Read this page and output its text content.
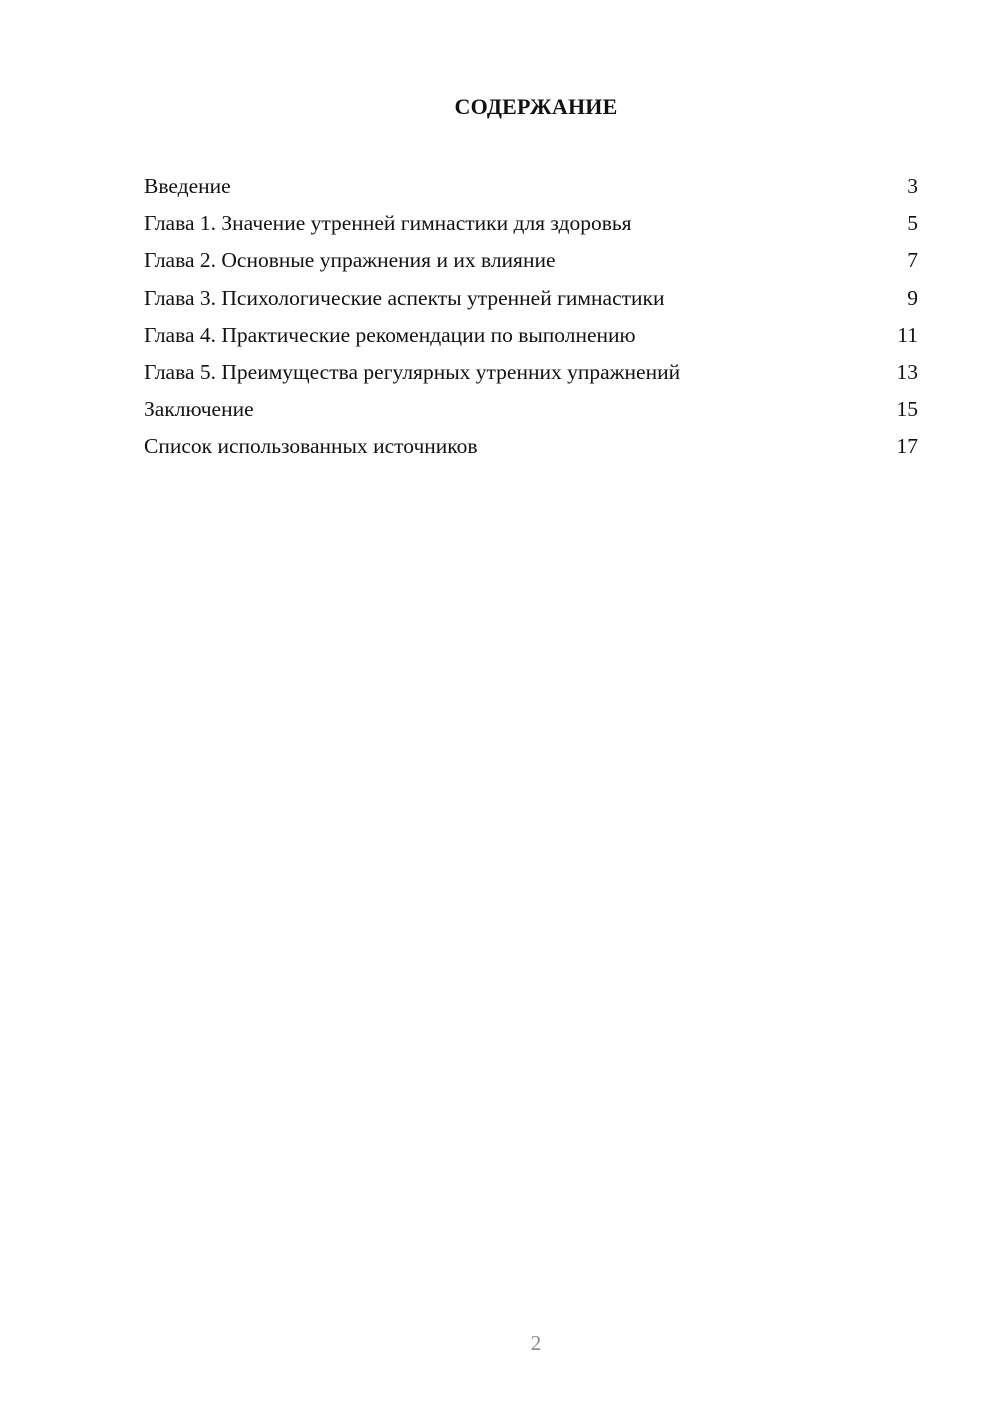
СОДЕРЖАНИЕ
Введение	3
Глава 1. Значение утренней гимнастики для здоровья	5
Глава 2. Основные упражнения и их влияние	7
Глава 3. Психологические аспекты утренней гимнастики	9
Глава 4. Практические рекомендации по выполнению	11
Глава 5. Преимущества регулярных утренних упражнений	13
Заключение	15
Список использованных источников	17
2
